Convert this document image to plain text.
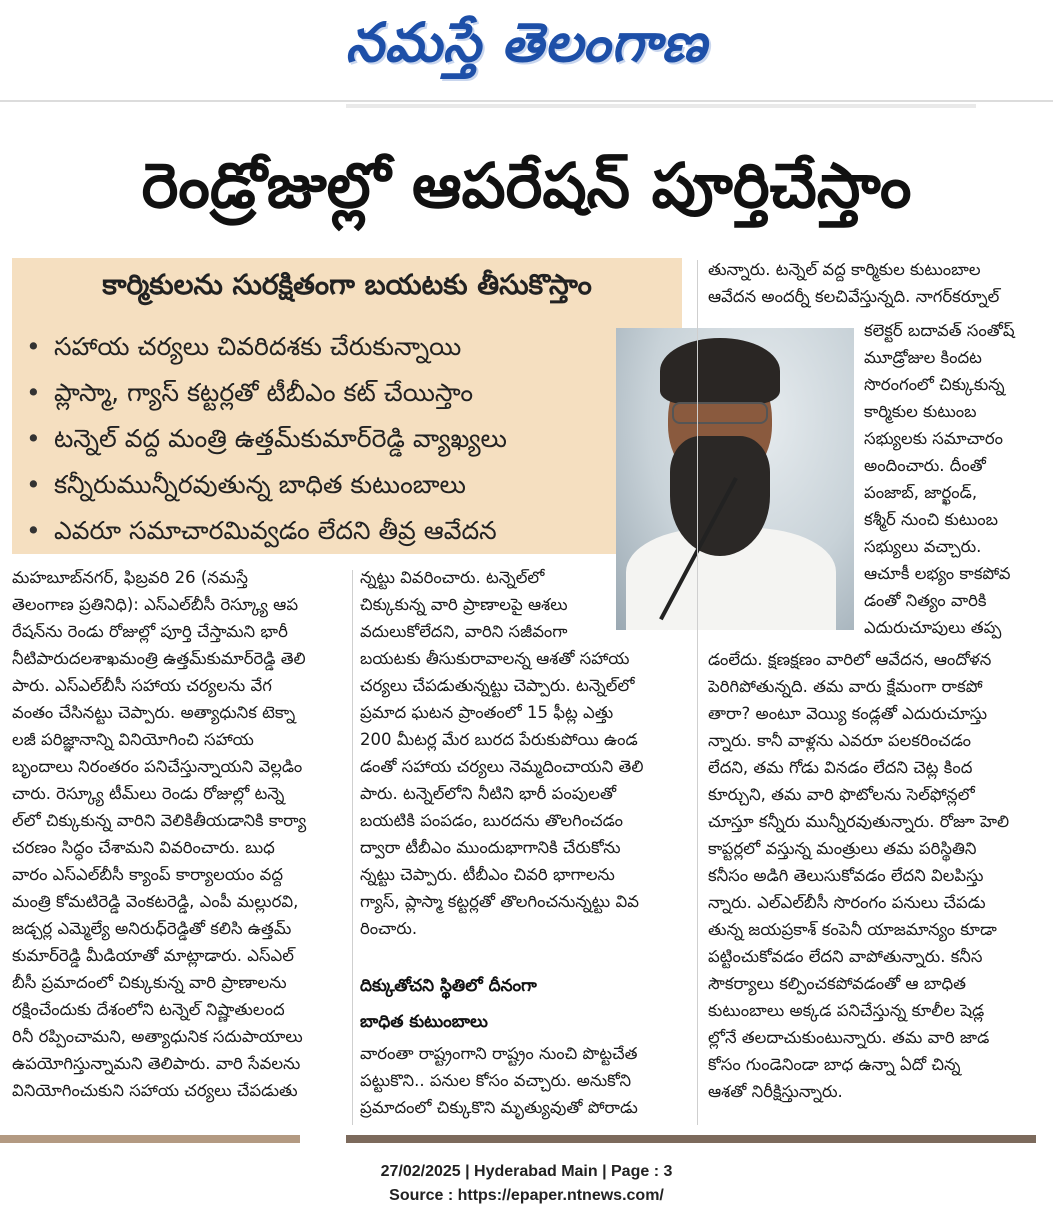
నమస్తే తెలంగాణ
రెండ్రోజుల్లో ఆపరేషన్ పూర్తిచేస్తాం
కార్మికులను సురక్షితంగా బయటకు తీసుకొస్తాం
• సహాయ చర్యలు చివరిదశకు చేరుకున్నాయి
• ప్లాస్మా, గ్యాస్ కట్టర్లతో టీబీఎం కట్ చేయిస్తాం
• టన్నెల్ వద్ద మంత్రి ఉత్తమ్‌కుమార్‌రెడ్డి వ్యాఖ్యలు
• కన్నీరుమున్నీరవుతున్న బాధిత కుటుంబాలు
• ఎవరూ సమాచారమివ్వడం లేదని తీవ్ర ఆవేదన

మహబూబ్‌నగర్, ఫిబ్రవరి 26 (నమస్తే

తెలంగాణ ప్రతినిధి): ఎస్‌ఎల్‌బీసీ రెస్క్యూ ఆప

రేషన్‌ను రెండు రోజుల్లో పూర్తి చేస్తామని భారీ

నీటిపారుదలశాఖమంత్రి ఉత్తమ్‌కుమార్‌రెడ్డి తెలి

పారు. ఎస్‌ఎల్‌బీసీ సహాయ చర్యలను వేగ

వంతం చేసినట్టు చెప్పారు. అత్యాధునిక టెక్నా

లజీ పరిజ్ఞానాన్ని వినియోగించి సహాయ

బృందాలు నిరంతరం పనిచేస్తున్నాయని వెల్లడిం

చారు. రెస్క్యూ టీమ్‌లు రెండు రోజుల్లో టన్నె

ల్‌లో చిక్కుకున్న వారిని వెలికితీయడానికి కార్యా

చరణం సిద్ధం చేశామని వివరించారు. బుధ

వారం ఎస్‌ఎల్‌బీసీ క్యాంప్ కార్యాలయం వద్ద

మంత్రి కోమటిరెడ్డి వెంకటరెడ్డి, ఎంపీ మల్లురవి,

జడ్చర్ల ఎమ్మెల్యే అనిరుధ్‌రెడ్డితో కలిసి ఉత్తమ్

కుమార్‌రెడ్డి మీడియాతో మాట్లాడారు. ఎస్‌ఎల్

బీసీ ప్రమాదంలో చిక్కుకున్న వారి ప్రాణాలను

రక్షించేందుకు దేశంలోని టన్నెల్ నిష్ణాతులంద

రినీ రప్పించామని, అత్యాధునిక సదుపాయాలు

ఉపయోగిస్తున్నామని తెలిపారు. వారి సేవలను

వినియోగించుకుని సహాయ చర్యలు చేపడుతు

న్నట్టు వివరించారు. టన్నెల్‌లో

చిక్కుకున్న వారి ప్రాణాలపై ఆశలు

వదులుకోలేదని, వారిని సజీవంగా

బయటకు తీసుకురావాలన్న ఆశతో సహాయ

చర్యలు చేపడుతున్నట్టు చెప్పారు. టన్నెల్‌లో

ప్రమాద ఘటన ప్రాంతంలో 15 ఫీట్ల ఎత్తు

200 మీటర్ల మేర బురద పేరుకుపోయి ఉండ

డంతో సహాయ చర్యలు నెమ్మదించాయని తెలి

పారు. టన్నెల్‌లోని నీటిని భారీ పంపులతో

బయటికి పంపడం, బురదను తొలగించడం

ద్వారా టీబీఎం ముందుభాగానికి చేరుకోను

న్నట్టు చెప్పారు. టీబీఎం చివరి భాగాలను

గ్యాస్, ప్లాస్మా కట్టర్లతో తొలగించనున్నట్టు వివ

రించారు.

దిక్కుతోచని స్థితిలో దీనంగా

బాధిత కుటుంబాలు

వారంతా రాష్ట్రంగాని రాష్ట్రం నుంచి పొట్టచేత

పట్టుకొని.. పనుల కోసం వచ్చారు. అనుకోని

ప్రమాదంలో చిక్కుకొని మృత్యువుతో పోరాడు

తున్నారు. టన్నెల్ వద్ద కార్మికుల కుటుంబాల

ఆవేదన అందర్నీ కలచివేస్తున్నది. నాగర్‌కర్నూల్

కలెక్టర్ బదావత్ సంతోష్

మూడ్రోజుల కిందట

సొరంగంలో చిక్కుకున్న

కార్మికుల కుటుంబ

సభ్యులకు సమాచారం

అందించారు. దీంతో

పంజాబ్, జార్ఖండ్,

కశ్మీర్ నుంచి కుటుంబ

సభ్యులు వచ్చారు.

ఆచూకీ లభ్యం కాకపోవ

డంతో నిత్యం వారికి

ఎదురుచూపులు తప్ప

డంలేదు. క్షణక్షణం వారిలో ఆవేదన, ఆందోళన

పెరిగిపోతున్నది. తమ వారు క్షేమంగా రాకపో

తారా? అంటూ వెయ్యి కండ్లతో ఎదురుచూస్తు

న్నారు. కానీ వాళ్లను ఎవరూ పలకరించడం

లేదని, తమ గోడు వినడం లేదని చెట్ల కింద

కూర్చుని, తమ వారి ఫొటోలను సెల్‌ఫోన్లలో

చూస్తూ కన్నీరు మున్నీరవుతున్నారు. రోజూ హెలి

కాప్టర్లలో వస్తున్న మంత్రులు తమ పరిస్థితిని

కనీసం అడిగి తెలుసుకోవడం లేదని విలపిస్తు

న్నారు. ఎల్‌ఎల్‌బీసీ సొరంగం పనులు చేపడు

తున్న జయప్రకాశ్ కంపెనీ యాజమాన్యం కూడా

పట్టించుకోవడం లేదని వాపోతున్నారు. కనీస

సౌకర్యాలు కల్పించకపోవడంతో ఆ బాధిత

కుటుంబాలు అక్కడ పనిచేస్తున్న కూలీల షెడ్ల

ల్లోనే తలదాచుకుంటున్నారు. తమ వారి జాడ

కోసం గుండెనిండా బాధ ఉన్నా ఏదో చిన్న

ఆశతో నిరీక్షిస్తున్నారు.

27/02/2025 | Hyderabad Main | Page : 3
Source : https://epaper.ntnews.com/
